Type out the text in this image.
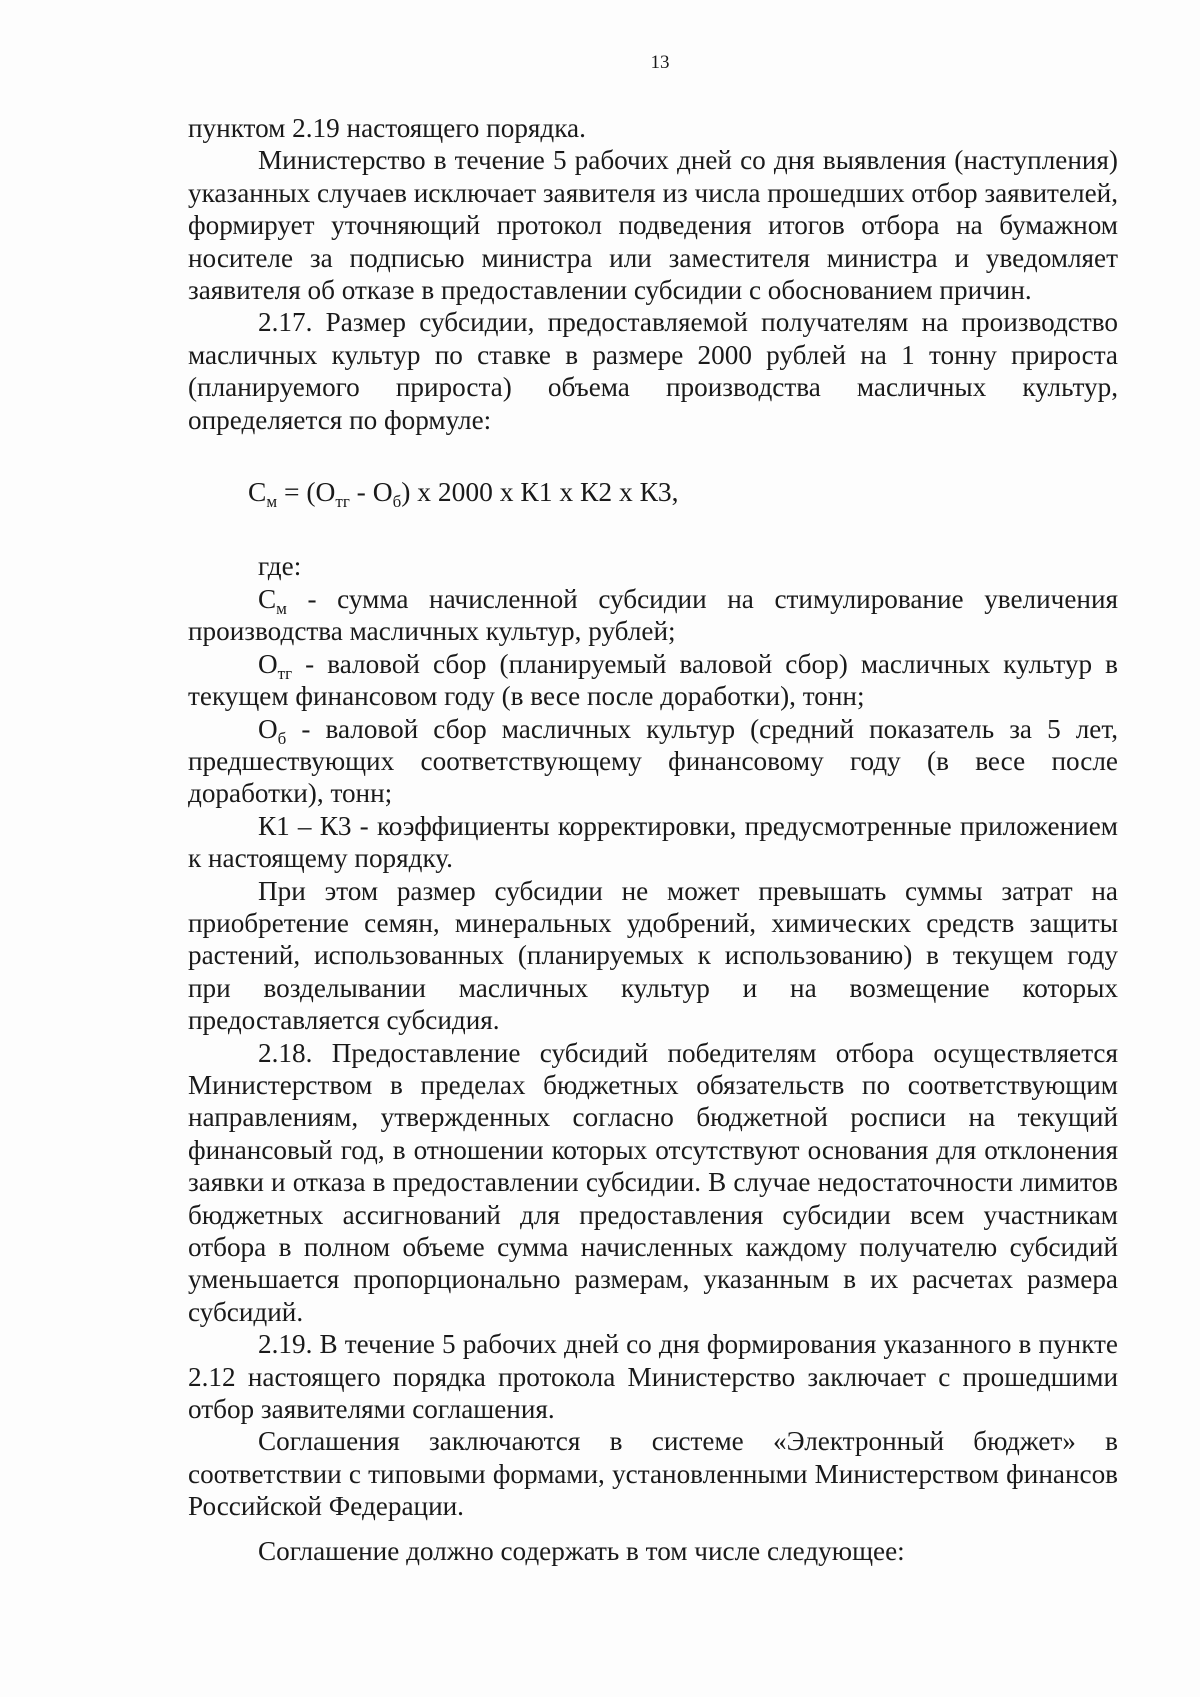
13

пунктом 2.19 настоящего порядка.

Министерство в течение 5 рабочих дней со дня выявления (наступления) указанных случаев исключает заявителя из числа прошедших отбор заявителей, формирует уточняющий протокол подведения итогов отбора на бумажном носителе за подписью министра или заместителя министра и уведомляет заявителя об отказе в предоставлении субсидии с обоснованием причин.

2.17. Размер субсидии, предоставляемой получателям на производство масличных культур по ставке в размере 2000 рублей на 1 тонну прироста (планируемого прироста) объема производства масличных культур, определяется по формуле:

$С_м = (О_{тг} - О_б)$ х 2000 х К1 х К2 х К3,

где:

$С_м$ - сумма начисленной субсидии на стимулирование увеличения производства масличных культур, рублей;

$О_{тг}$ - валовой сбор (планируемый валовой сбор) масличных культур в текущем финансовом году (в весе после доработки), тонн;

$О_б$ - валовой сбор масличных культур (средний показатель за 5 лет, предшествующих соответствующему финансовому году (в весе после доработки), тонн;

К1 – К3 - коэффициенты корректировки, предусмотренные приложением к настоящему порядку.

При этом размер субсидии не может превышать суммы затрат на приобретение семян, минеральных удобрений, химических средств защиты растений, использованных (планируемых к использованию) в текущем году при возделывании масличных культур и на возмещение которых предоставляется субсидия.

2.18. Предоставление субсидий победителям отбора осуществляется Министерством в пределах бюджетных обязательств по соответствующим направлениям, утвержденных согласно бюджетной росписи на текущий финансовый год, в отношении которых отсутствуют основания для отклонения заявки и отказа в предоставлении субсидии. В случае недостаточности лимитов бюджетных ассигнований для предоставления субсидии всем участникам отбора в полном объеме сумма начисленных каждому получателю субсидий уменьшается пропорционально размерам, указанным в их расчетах размера субсидий.

2.19. В течение 5 рабочих дней со дня формирования указанного в пункте 2.12 настоящего порядка протокола Министерство заключает с прошедшими отбор заявителями соглашения.

Соглашения заключаются в системе «Электронный бюджет» в соответствии с типовыми формами, установленными Министерством финансов Российской Федерации.

Соглашение должно содержать в том числе следующее:
